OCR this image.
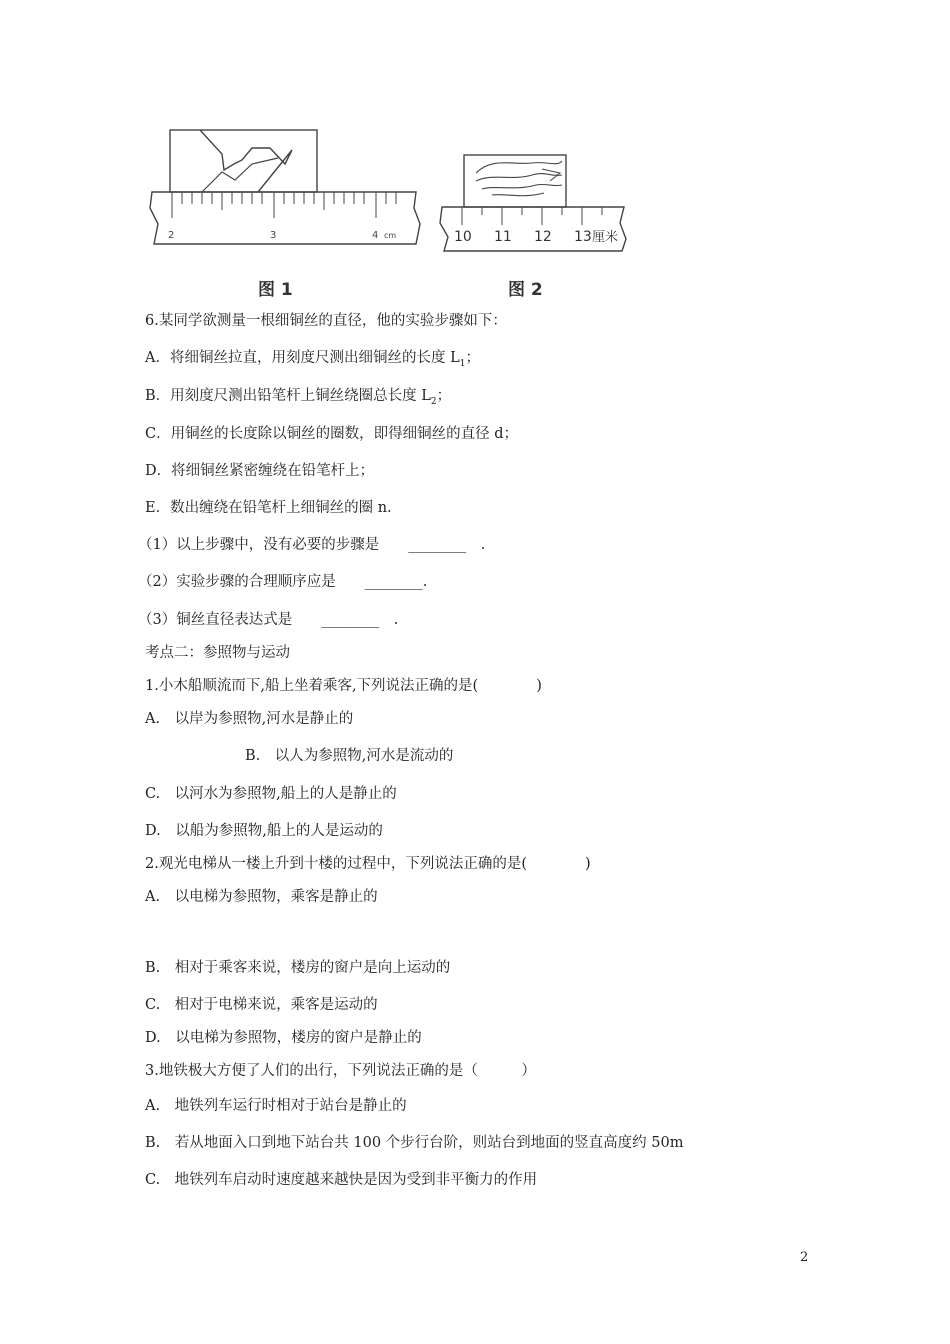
2	3	4 cm
图 1
10 11 12 13 厘米
图 2
6.某同学欲测量一根细铜丝的直径，他的实验步骤如下：
A．将细铜丝拉直，用刻度尺测出细铜丝的长度 $L_1$；
B．用刻度尺测出铅笔杆上铜丝绕圈总长度 $L_2$；
C．用铜丝的长度除以铜丝的圈数，即得细铜丝的直径 d；
D．将细铜丝紧密缠绕在铅笔杆上；
E．数出缠绕在铅笔杆上细铜丝的圈 n.
（1）以上步骤中，没有必要的步骤是　　________　.
（2）实验步骤的合理顺序应是　　________.
（3）铜丝直径表达式是　　________　.
考点二：参照物与运动
1.小木船顺流而下,船上坐着乘客,下列说法正确的是(　　　　)
A.　以岸为参照物,河水是静止的
B.　以人为参照物,河水是流动的
C.　以河水为参照物,船上的人是静止的
D.　以船为参照物,船上的人是运动的
2.观光电梯从一楼上升到十楼的过程中，下列说法正确的是(　　　　)
A.　以电梯为参照物，乘客是静止的
B.　相对于乘客来说，楼房的窗户是向上运动的
C.　相对于电梯来说，乘客是运动的
D.　以电梯为参照物，楼房的窗户是静止的
3.地铁极大方便了人们的出行，下列说法正确的是（　　　）
A.　地铁列车运行时相对于站台是静止的
B.　若从地面入口到地下站台共 100 个步行台阶，则站台到地面的竖直高度约 50m
C.　地铁列车启动时速度越来越快是因为受到非平衡力的作用
2
